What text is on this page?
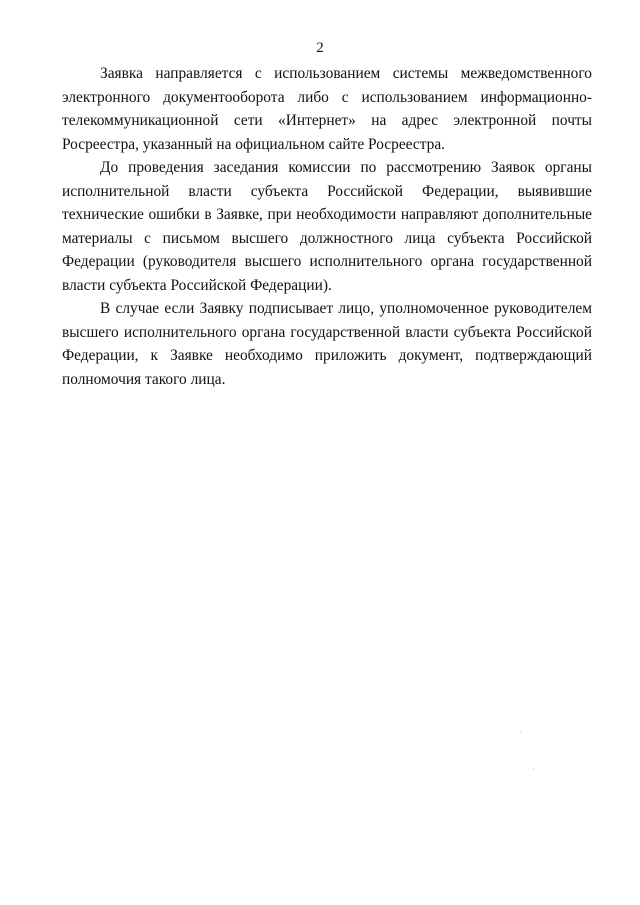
2

Заявка направляется с использованием системы межведомственного электронного документооборота либо с использованием информационно-телекоммуникационной сети «Интернет» на адрес электронной почты Росреестра, указанный на официальном сайте Росреестра.

До проведения заседания комиссии по рассмотрению Заявок органы исполнительной власти субъекта Российской Федерации, выявившие технические ошибки в Заявке, при необходимости направляют дополнительные материалы с письмом высшего должностного лица субъекта Российской Федерации (руководителя высшего исполнительного органа государственной власти субъекта Российской Федерации).

В случае если Заявку подписывает лицо, уполномоченное руководителем высшего исполнительного органа государственной власти субъекта Российской Федерации, к Заявке необходимо приложить документ, подтверждающий полномочия такого лица.
